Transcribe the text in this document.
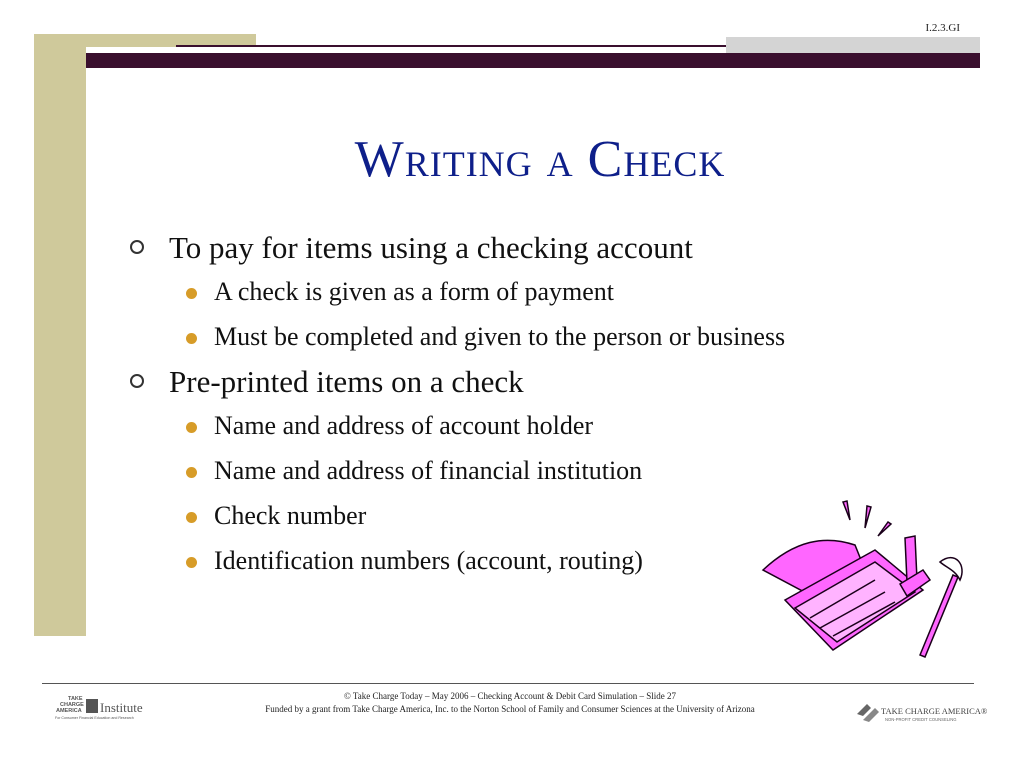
I.2.3.GI
Writing a Check
To pay for items using a checking account
A check is given as a form of payment
Must be completed and given to the person or business
Pre-printed items on a check
Name and address of account holder
Name and address of financial institution
Check number
Identification numbers (account, routing)
TAKE
CHARGE
AMERICA Institute
For Consumer Financial Education and Research
© Take Charge Today – May 2006 – Checking Account & Debit Card Simulation – Slide 27
Funded by a grant from Take Charge America, Inc. to the Norton School of Family and Consumer Sciences at the University of Arizona	TAKE CHARGE AMERICA®
NON-PROFIT CREDIT COUNSELING
